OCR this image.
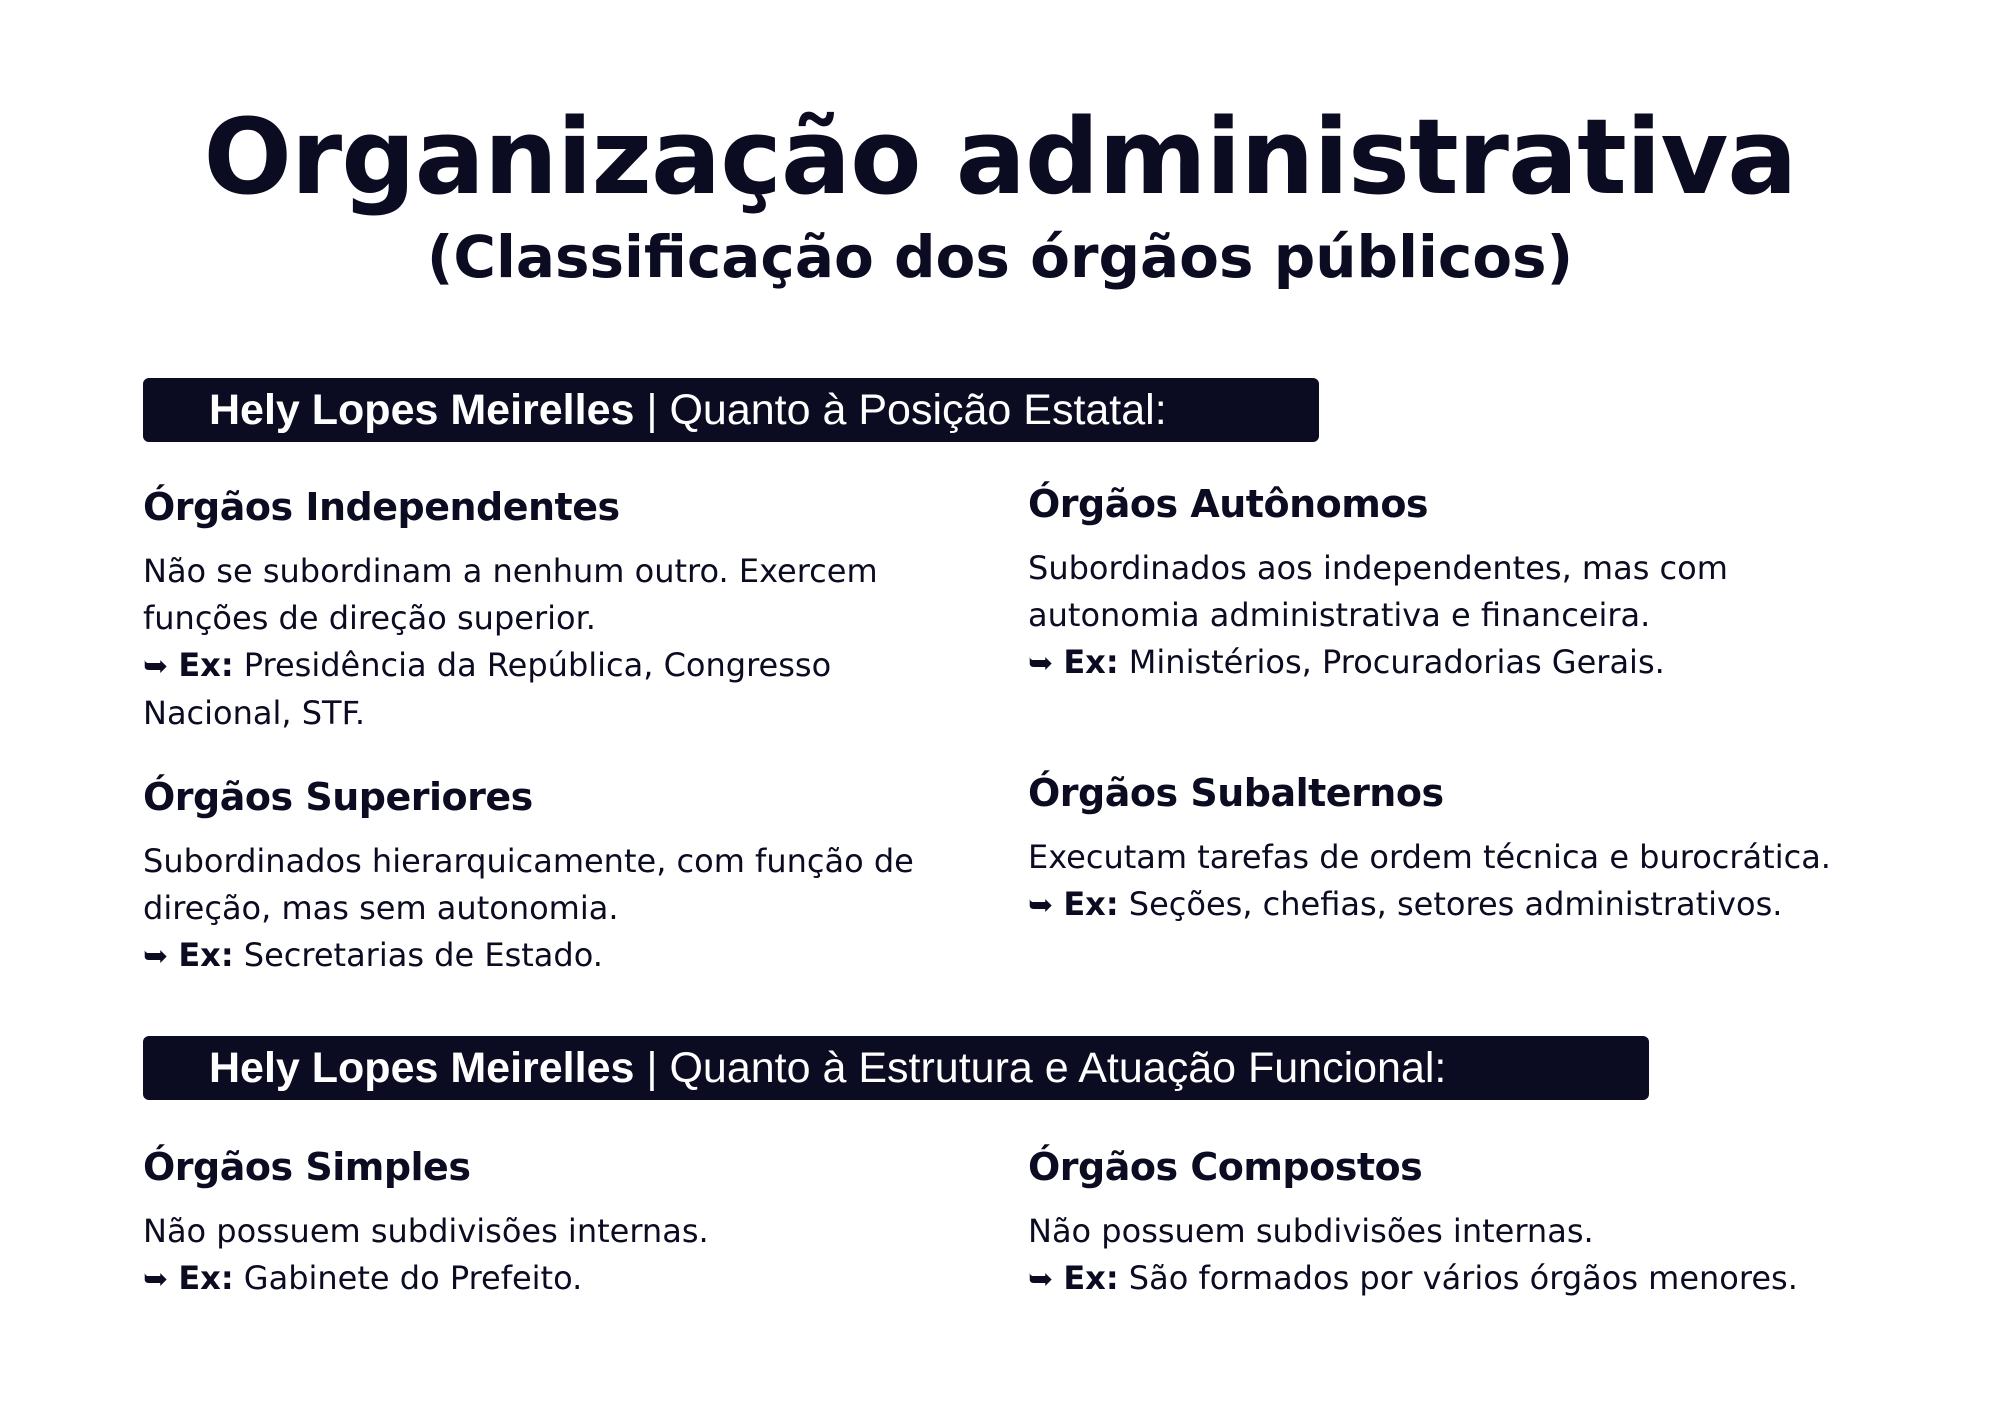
Organização administrativa
(Classificação dos órgãos públicos)
Hely Lopes Meirelles | Quanto à Posição Estatal:
Órgãos Independentes

Não se subordinam a nenhum outro. Exercem funções de direção superior.
➥ Ex: Presidência da República, Congresso Nacional, STF.

Órgãos Autônomos

Subordinados aos independentes, mas com autonomia administrativa e financeira.
➥ Ex: Ministérios, Procuradorias Gerais.

Órgãos Superiores

Subordinados hierarquicamente, com função de direção, mas sem autonomia.
➥ Ex: Secretarias de Estado.

Órgãos Subalternos

Executam tarefas de ordem técnica e burocrática.
➥ Ex: Seções, chefias, setores administrativos.

Hely Lopes Meirelles | Quanto à Estrutura e Atuação Funcional:
Órgãos Simples

Não possuem subdivisões internas.
➥ Ex: Gabinete do Prefeito.

Órgãos Compostos

Não possuem subdivisões internas.
➥ Ex: São formados por vários órgãos menores.
